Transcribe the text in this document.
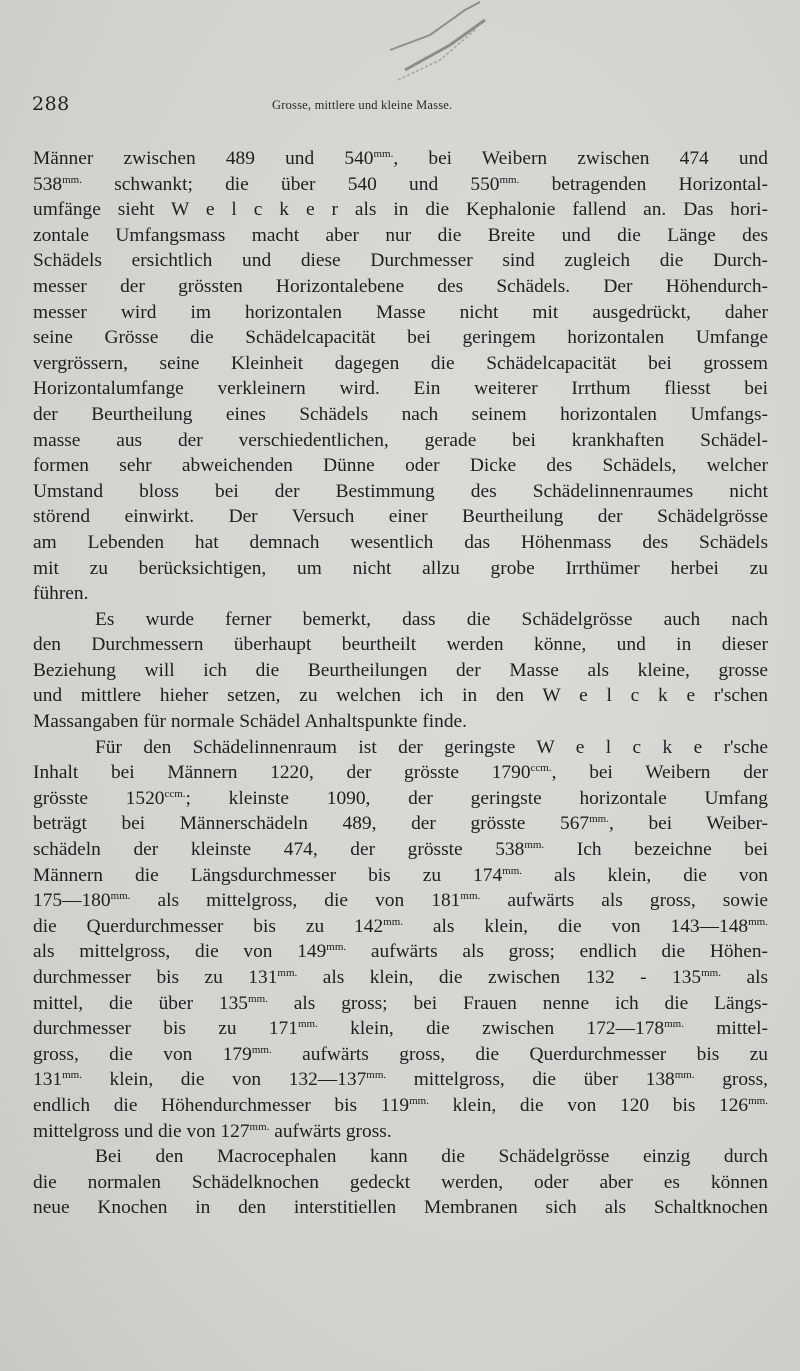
288	Grosse, mittlere und kleine Masse.
Männer zwischen 489 und $540^{mm.}$, bei Weibern zwischen 474 und
$538^{mm.}$ schwankt; die über 540 und $550^{mm.}$ betragenden Horizontal-
umfänge sieht W e l c k e r als in die Kephalonie fallend an. Das hori-
zontale Umfangsmass macht aber nur die Breite und die Länge des
Schädels ersichtlich und diese Durchmesser sind zugleich die Durch-
messer der grössten Horizontalebene des Schädels. Der Höhendurch-
messer wird im horizontalen Masse nicht mit ausgedrückt, daher
seine Grösse die Schädelcapacität bei geringem horizontalen Umfange
vergrössern, seine Kleinheit dagegen die Schädelcapacität bei grossem
Horizontalumfange verkleinern wird. Ein weiterer Irrthum fliesst bei
der Beurtheilung eines Schädels nach seinem horizontalen Umfangs-
masse aus der verschiedentlichen, gerade bei krankhaften Schädel-
formen sehr abweichenden Dünne oder Dicke des Schädels, welcher
Umstand bloss bei der Bestimmung des Schädelinnenraumes nicht
störend einwirkt. Der Versuch einer Beurtheilung der Schädelgrösse
am Lebenden hat demnach wesentlich das Höhenmass des Schädels
mit zu berücksichtigen, um nicht allzu grobe Irrthümer herbei zu
führen.
Es wurde ferner bemerkt, dass die Schädelgrösse auch nach
den Durchmessern überhaupt beurtheilt werden könne, und in dieser
Beziehung will ich die Beurtheilungen der Masse als kleine, grosse
und mittlere hieher setzen, zu welchen ich in den W e l c k e r'schen
Massangaben für normale Schädel Anhaltspunkte finde.
Für den Schädelinnenraum ist der geringste W e l c k e r'sche
Inhalt bei Männern 1220, der grösste $1790^{ccm.}$, bei Weibern der
grösste $1520^{ccm.}$; kleinste 1090, der geringste horizontale Umfang
beträgt bei Männerschädeln 489, der grösste $567^{mm.}$, bei Weiber-
schädeln der kleinste 474, der grösste $538^{mm.}$ Ich bezeichne bei
Männern die Längsdurchmesser bis zu $174^{mm.}$ als klein, die von
$175—180^{mm.}$ als mittelgross, die von $181^{mm.}$ aufwärts als gross, sowie
die Querdurchmesser bis zu $142^{mm.}$ als klein, die von $143—148^{mm.}$
als mittelgross, die von $149^{mm.}$ aufwärts als gross; endlich die Höhen-
durchmesser bis zu $131^{mm.}$ als klein, die zwischen $132 - 135^{mm.}$ als
mittel, die über $135^{mm.}$ als gross; bei Frauen nenne ich die Längs-
durchmesser bis zu $171^{mm.}$ klein, die zwischen $172—178^{mm.}$ mittel-
gross, die von $179^{mm.}$ aufwärts gross, die Querdurchmesser bis zu
$131^{mm.}$ klein, die von $132—137^{mm.}$ mittelgross, die über $138^{mm.}$ gross,
endlich die Höhendurchmesser bis $119^{mm.}$ klein, die von 120 bis $126^{mm.}$
mittelgross und die von $127^{mm.}$ aufwärts gross.
Bei den Macrocephalen kann die Schädelgrösse einzig durch
die normalen Schädelknochen gedeckt werden, oder aber es können
neue Knochen in den interstitiellen Membranen sich als Schaltknochen
